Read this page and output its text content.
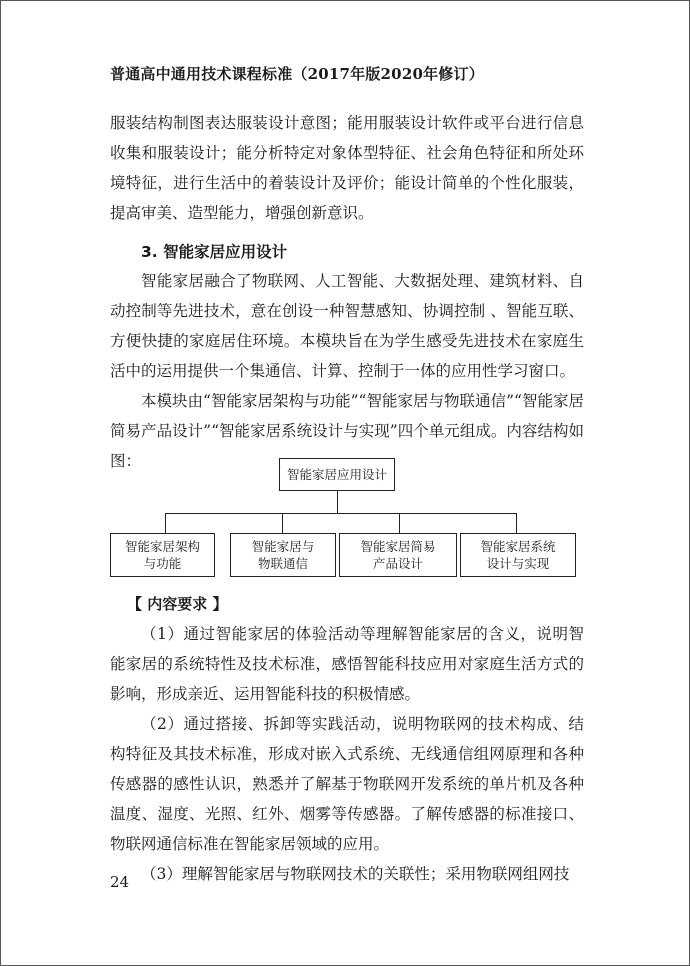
普通高中通用技术课程标准（2017年版2020年修订）

服装结构制图表达服装设计意图；能用服装设计软件或平台进行信息收集和服装设计；能分析特定对象体型特征、社会角色特征和所处环境特征，进行生活中的着装设计及评价；能设计简单的个性化服装，提高审美、造型能力，增强创新意识。

3. 智能家居应用设计

智能家居融合了物联网、人工智能、大数据处理、建筑材料、自动控制等先进技术，意在创设一种智慧感知、协调控制 、智能互联、方便快捷的家庭居住环境。本模块旨在为学生感受先进技术在家庭生活中的运用提供一个集通信、计算、控制于一体的应用性学习窗口。

本模块由“智能家居架构与功能”“智能家居与物联通信”“智能家居简易产品设计”“智能家居系统设计与实现”四个单元组成。内容结构如图：

智能家居应用设计
智能家居架构
与功能
智能家居与
物联通信
智能家居简易
产品设计
智能家居系统
设计与实现
【 内容要求 】

（1）通过智能家居的体验活动等理解智能家居的含义，说明智能家居的系统特性及技术标准，感悟智能科技应用对家庭生活方式的影响，形成亲近、运用智能科技的积极情感。

（2）通过搭接、拆卸等实践活动，说明物联网的技术构成、结构特征及其技术标准，形成对嵌入式系统、无线通信组网原理和各种传感器的感性认识，熟悉并了解基于物联网开发系统的单片机及各种温度、湿度、光照、红外、烟雾等传感器。了解传感器的标准接口、物联网通信标准在智能家居领域的应用。

（3）理解智能家居与物联网技术的关联性；采用物联网组网技

24
